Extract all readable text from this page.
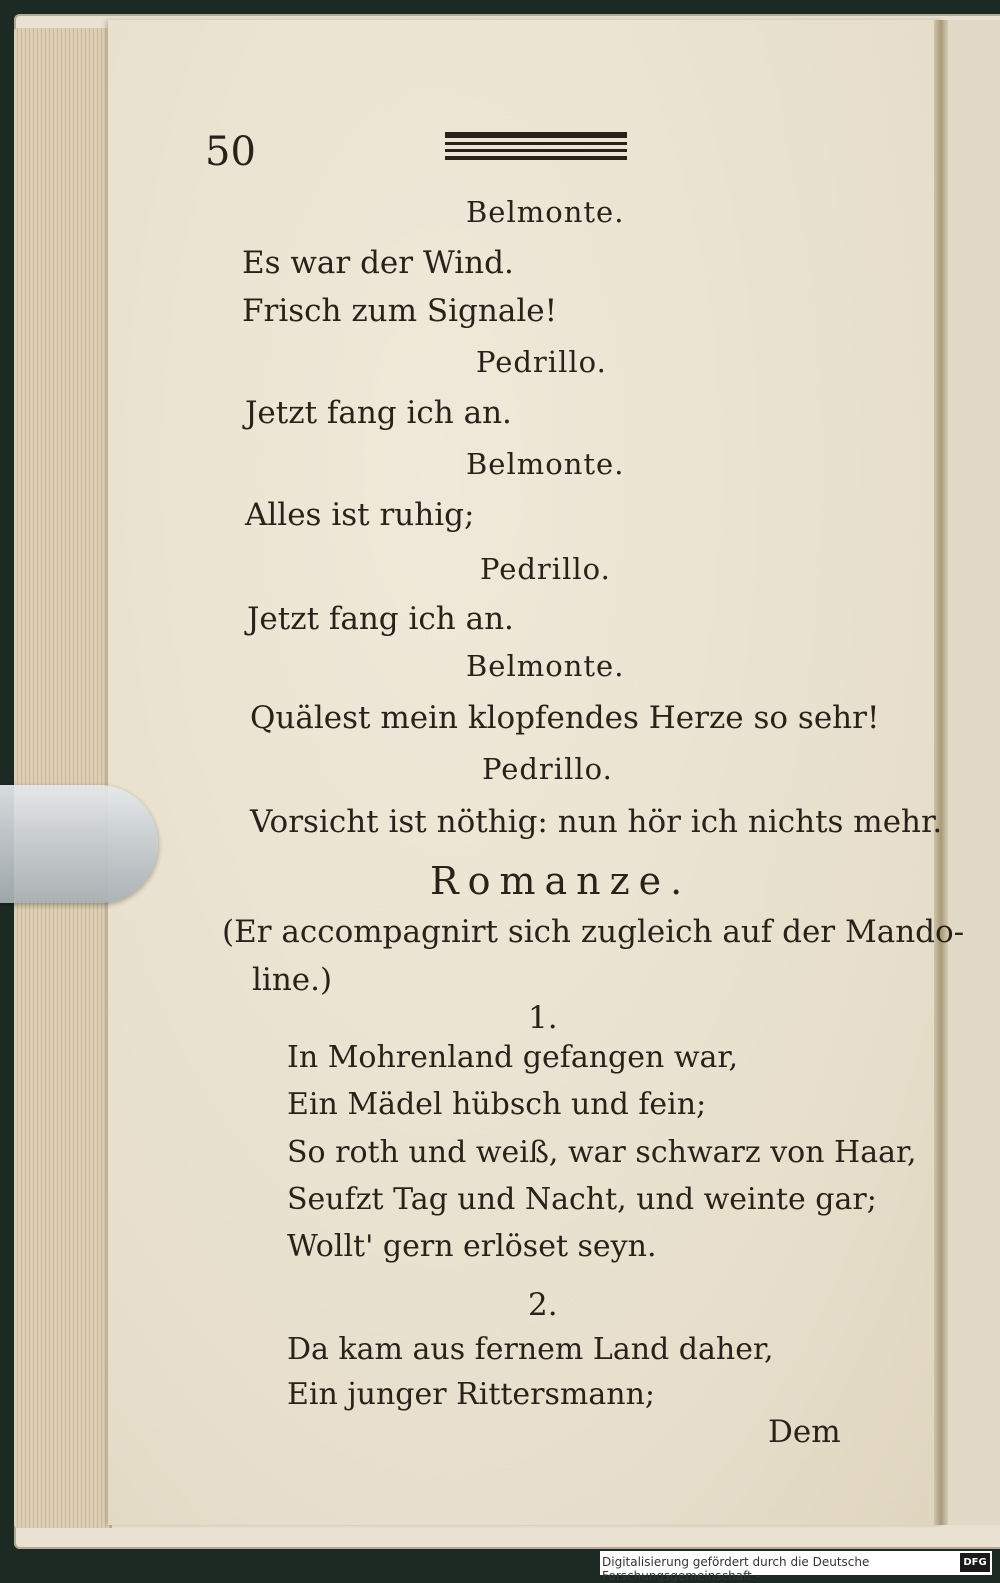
50

Belmonte.

Es war der Wind.

Frisch zum Signale!

Pedrillo.

Jetzt fang ich an.

Belmonte.

Alles ist ruhig;

Pedrillo.

Jetzt fang ich an.

Belmonte.

Quälest mein klopfendes Herze so sehr!

Pedrillo.

Vorsicht ist nöthig: nun hör ich nichts mehr.

Romanze.

(Er accompagnirt sich zugleich auf der Mando-

line.)

1.

In Mohrenland gefangen war,

Ein Mädel hübsch und fein;

So roth und weiß, war schwarz von Haar,

Seufzt Tag und Nacht, und weinte gar;

Wollt' gern erlöset seyn.

2.

Da kam aus fernem Land daher,

Ein junger Rittersmann;

Dem

Digitalisierung gefördert durch die Deutsche Forschungsgemeinschaft -
DFG
